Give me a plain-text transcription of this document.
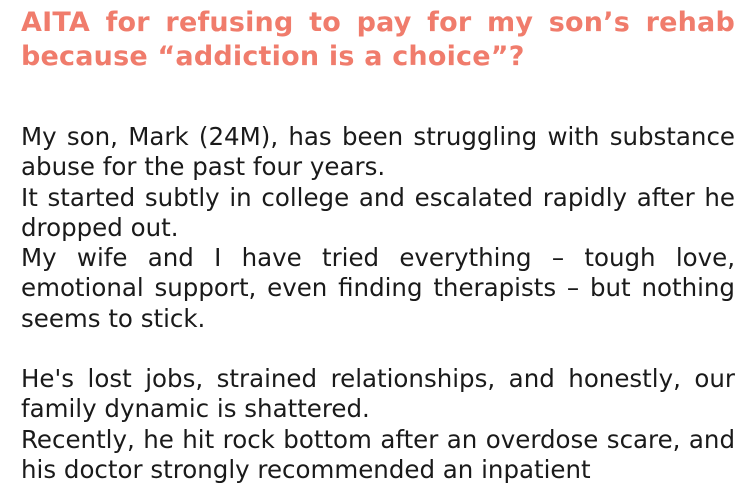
AITA for refusing to pay for my son’s rehab because “addiction is a choice”?

My son, Mark (24M), has been struggling with substance abuse for the past four years.

It started subtly in college and escalated rapidly after he dropped out.

My wife and I have tried everything – tough love, emotional support, even finding therapists – but nothing seems to stick.

He's lost jobs, strained relationships, and honestly, our family dynamic is shattered.

Recently, he hit rock bottom after an overdose scare, and his doctor strongly recommended an inpatient
